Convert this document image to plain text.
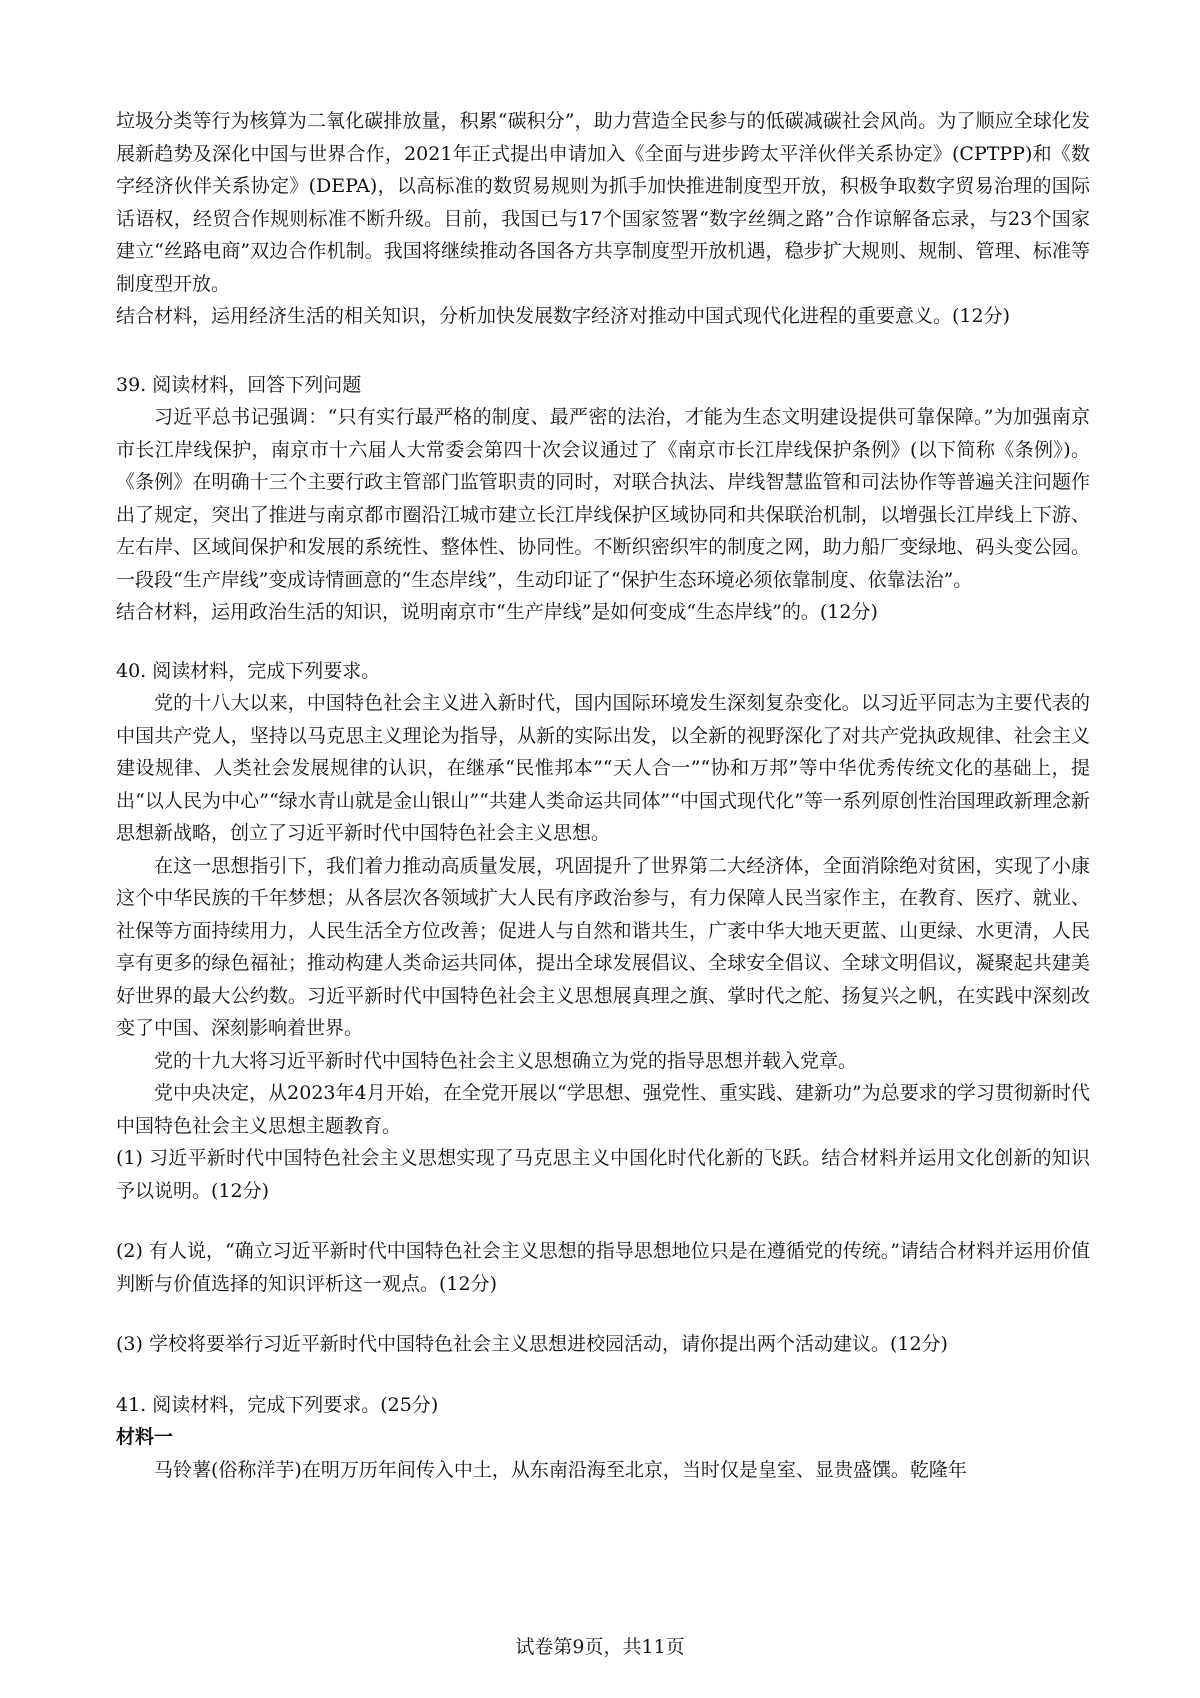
垃圾分类等行为核算为二氧化碳排放量，积累“碳积分”，助力营造全民参与的低碳减碳社会风尚。为了顺应全球化发展新趋势及深化中国与世界合作，2021年正式提出申请加入《全面与进步跨太平洋伙伴关系协定》(CPTPP)和《数字经济伙伴关系协定》(DEPA)，以高标准的数贸易规则为抓手加快推进制度型开放，积极争取数字贸易治理的国际话语权，经贸合作规则标准不断升级。目前，我国已与17个国家签署“数字丝绸之路”合作谅解备忘录，与23个国家建立“丝路电商”双边合作机制。我国将继续推动各国各方共享制度型开放机遇，稳步扩大规则、规制、管理、标准等制度型开放。

结合材料，运用经济生活的相关知识，分析加快发展数字经济对推动中国式现代化进程的重要意义。(12分)

39. 阅读材料，回答下列问题

习近平总书记强调：“只有实行最严格的制度、最严密的法治，才能为生态文明建设提供可靠保障。”为加强南京市长江岸线保护，南京市十六届人大常委会第四十次会议通过了《南京市长江岸线保护条例》(以下简称《条例》)。《条例》在明确十三个主要行政主管部门监管职责的同时，对联合执法、岸线智慧监管和司法协作等普遍关注问题作出了规定，突出了推进与南京都市圈沿江城市建立长江岸线保护区域协同和共保联治机制，以增强长江岸线上下游、左右岸、区域间保护和发展的系统性、整体性、协同性。不断织密织牢的制度之网，助力船厂变绿地、码头变公园。一段段“生产岸线”变成诗情画意的“生态岸线”，生动印证了“保护生态环境必须依靠制度、依靠法治”。

结合材料，运用政治生活的知识，说明南京市“生产岸线”是如何变成“生态岸线”的。(12分)

40. 阅读材料，完成下列要求。

党的十八大以来，中国特色社会主义进入新时代，国内国际环境发生深刻复杂变化。以习近平同志为主要代表的中国共产党人，坚持以马克思主义理论为指导，从新的实际出发，以全新的视野深化了对共产党执政规律、社会主义建设规律、人类社会发展规律的认识，在继承“民惟邦本”“天人合一”“协和万邦”等中华优秀传统文化的基础上，提出“以人民为中心”“绿水青山就是金山银山”“共建人类命运共同体”“中国式现代化”等一系列原创性治国理政新理念新思想新战略，创立了习近平新时代中国特色社会主义思想。

在这一思想指引下，我们着力推动高质量发展，巩固提升了世界第二大经济体，全面消除绝对贫困，实现了小康这个中华民族的千年梦想；从各层次各领域扩大人民有序政治参与，有力保障人民当家作主，在教育、医疗、就业、社保等方面持续用力，人民生活全方位改善；促进人与自然和谐共生，广袤中华大地天更蓝、山更绿、水更清，人民享有更多的绿色福祉；推动构建人类命运共同体，提出全球发展倡议、全球安全倡议、全球文明倡议，凝聚起共建美好世界的最大公约数。习近平新时代中国特色社会主义思想展真理之旗、掌时代之舵、扬复兴之帆，在实践中深刻改变了中国、深刻影响着世界。

党的十九大将习近平新时代中国特色社会主义思想确立为党的指导思想并载入党章。

党中央决定，从2023年4月开始，在全党开展以“学思想、强党性、重实践、建新功”为总要求的学习贯彻新时代中国特色社会主义思想主题教育。

(1) 习近平新时代中国特色社会主义思想实现了马克思主义中国化时代化新的飞跃。结合材料并运用文化创新的知识予以说明。(12分)

(2) 有人说，“确立习近平新时代中国特色社会主义思想的指导思想地位只是在遵循党的传统。”请结合材料并运用价值判断与价值选择的知识评析这一观点。(12分)

(3) 学校将要举行习近平新时代中国特色社会主义思想进校园活动，请你提出两个活动建议。(12分)

41. 阅读材料，完成下列要求。(25分)

材料一

马铃薯(俗称洋芋)在明万历年间传入中土，从东南沿海至北京，当时仅是皇室、显贵盛馔。乾隆年

试卷第9页，共11页
